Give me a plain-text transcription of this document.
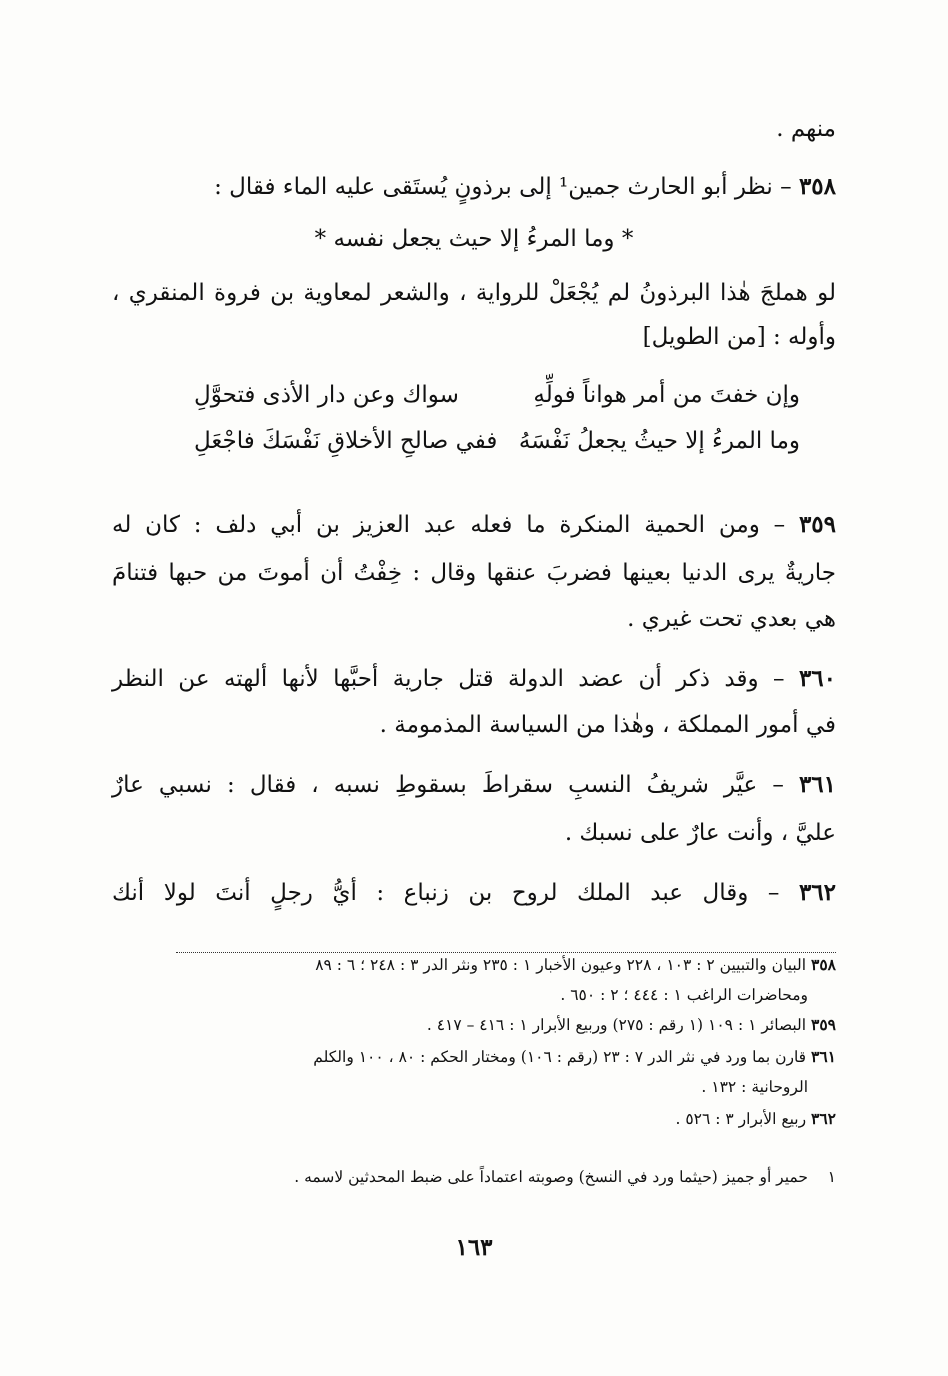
منهم .
٣٥٨ – نظر أبو الحارث جمين¹ إلى برذونٍ يُستَقى عليه الماء فقال :
* وما المرءُ إلا حيث يجعل نفسه *
لو هملجَ هٰذا البرذونُ لم يُجْعَلْ للرواية ، والشعر لمعاوية بن فروة المنقري ،
وأوله : [من الطويل]
وإن خفتَ من أمر هواناً فولِّهِ
سواك وعن دار الأذى فتحوَّلِ
وما المرءُ إلا حيثُ يجعلُ نَفْسَهُ
ففي صالحِ الأخلاقِ نَفْسَكَ فاجْعَلِ
٣٥٩ – ومن الحمية المنكرة ما فعله عبد العزيز بن أبي دلف : كان له
جاريةٌ يرى الدنيا بعينها فضربَ عنقها وقال : خِفْتُ أن أموتَ من حبها فتنامَ
هي بعدي تحت غيري .
٣٦٠ – وقد ذكر أن عضد الدولة قتل جارية أحبَّها لأنها ألهته عن النظر
في أمور المملكة ، وهٰذا من السياسة المذمومة .
٣٦١ – عيَّر شريفُ النسبِ سقراطَ بسقوطِ نسبه ، فقال : نسبي عارٌ
عليَّ ، وأنت عارٌ على نسبك .
٣٦٢ – وقال عبد الملك لروح بن زنباع : أيُّ رجلٍ أنتَ لولا أنك
٣٥٨ البيان والتبيين ٢ : ١٠٣ ، ٢٢٨ وعيون الأخبار ١ : ٢٣٥ ونثر الدر ٣ : ٢٤٨ ؛ ٦ : ٨٩
ومحاضرات الراغب ١ : ٤٤٤ ؛ ٢ : ٦٥٠ .
٣٥٩ البصائر ١ : ١٠٩ (١ رقم : ٢٧٥) وربيع الأبرار ١ : ٤١٦ – ٤١٧ .
٣٦١ قارن بما ورد في نثر الدر ٧ : ٢٣ (رقم : ١٠٦) ومختار الحكم : ٨٠ ، ١٠٠ والكلم
الروحانية : ١٣٢ .
٣٦٢ ربيع الأبرار ٣ : ٥٢٦ .
١    حمير أو جميز (حيثما ورد في النسخ) وصوبته اعتماداً على ضبط المحدثين لاسمه .
١٦٣
